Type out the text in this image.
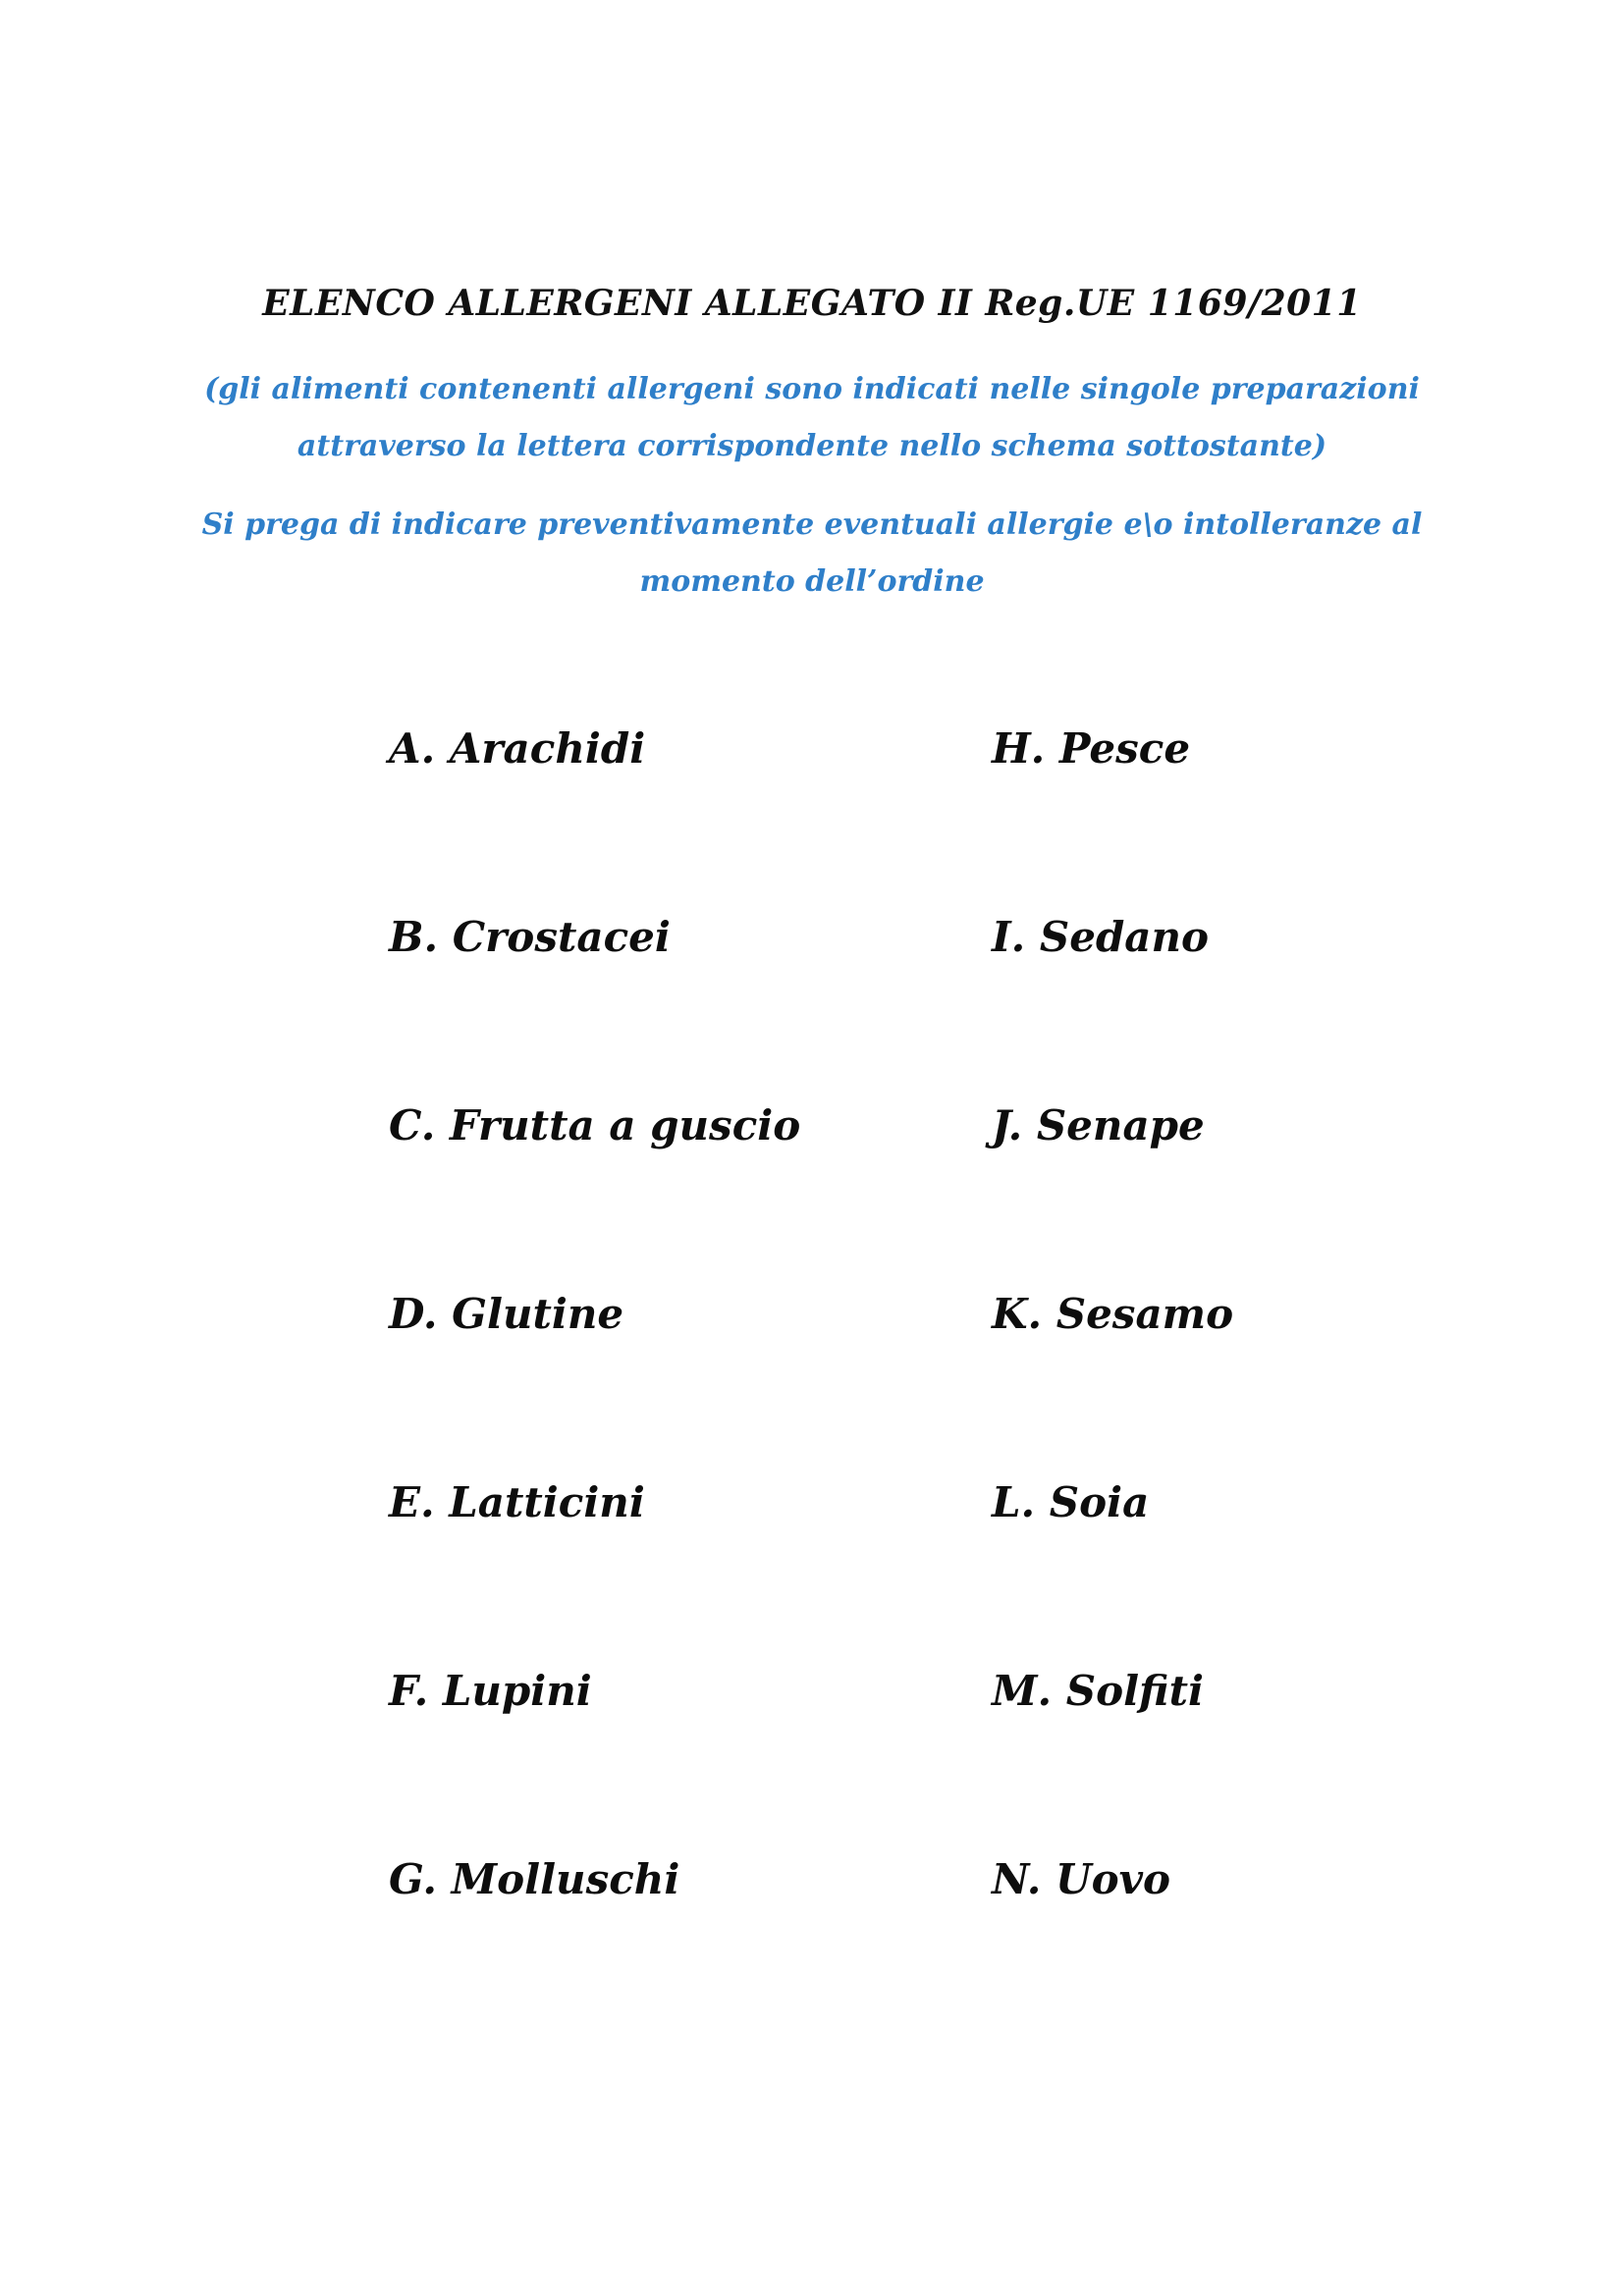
ELENCO ALLERGENI ALLEGATO II Reg.UE 1169/2011

(gli alimenti contenenti allergeni sono indicati nelle singole preparazioni

attraverso la lettera corrispondente nello schema sottostante)

Si prega di indicare preventivamente eventuali allergie e\o intolleranze al

momento dell’ordine

A. Arachidi
B. Crostacei
C. Frutta a guscio
D. Glutine
E. Latticini
F. Lupini
G. Molluschi
H. Pesce
I. Sedano
J. Senape
K. Sesamo
L. Soia
M. Solfiti
N. Uovo
